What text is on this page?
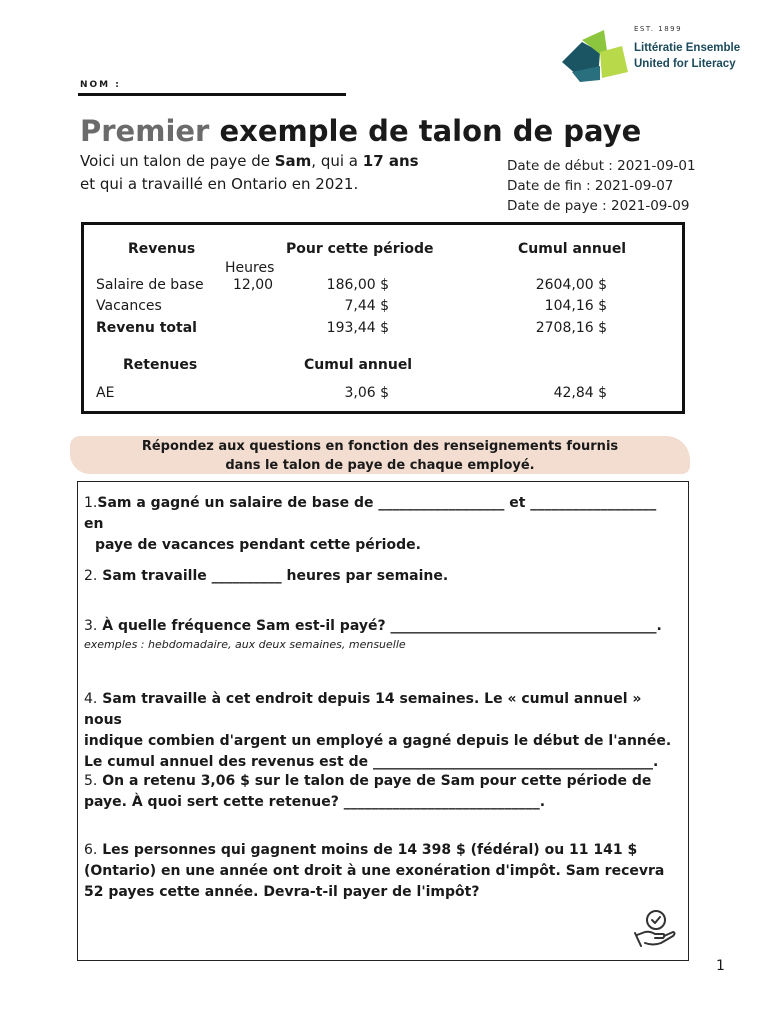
EST. 1899
Littératie Ensemble
United for Literacy
NOM :
Premier exemple de talon de paye
Voici un talon de paye de Sam, qui a 17 ans
et qui a travaillé en Ontario en 2021.
Date de début : 2021-09-01
Date de fin : 2021-09-07
Date de paye : 2021-09-09
Revenus	Pour cette période	Cumul annuel
Heures
Salaire de base 12,00	186,00 $	2604,00 $
Vacances	7,44 $	104,16 $
Revenu total	193,44 $	2708,16 $
Retenues	Cumul annuel
AE	3,06 $	42,84 $
Répondez aux questions en fonction des renseignements fournis
dans le talon de paye de chaque employé.
1.Sam a gagné un salaire de base de __________________ et __________________ en
paye de vacances pendant cette période.
2. Sam travaille __________ heures par semaine.
3. À quelle fréquence Sam est-il payé? ______________________________________.
exemples : hebdomadaire, aux deux semaines, mensuelle
4. Sam travaille à cet endroit depuis 14 semaines. Le « cumul annuel » nous
indique combien d'argent un employé a gagné depuis le début de l'année.
Le cumul annuel des revenus est de ________________________________________.
5. On a retenu 3,06 $ sur le talon de paye de Sam pour cette période de
paye. À quoi sert cette retenue? ____________________________.
6. Les personnes qui gagnent moins de 14 398 $ (fédéral) ou 11 141 $
(Ontario) en une année ont droit à une exonération d'impôt. Sam recevra
52 payes cette année. Devra-t-il payer de l'impôt?
1
